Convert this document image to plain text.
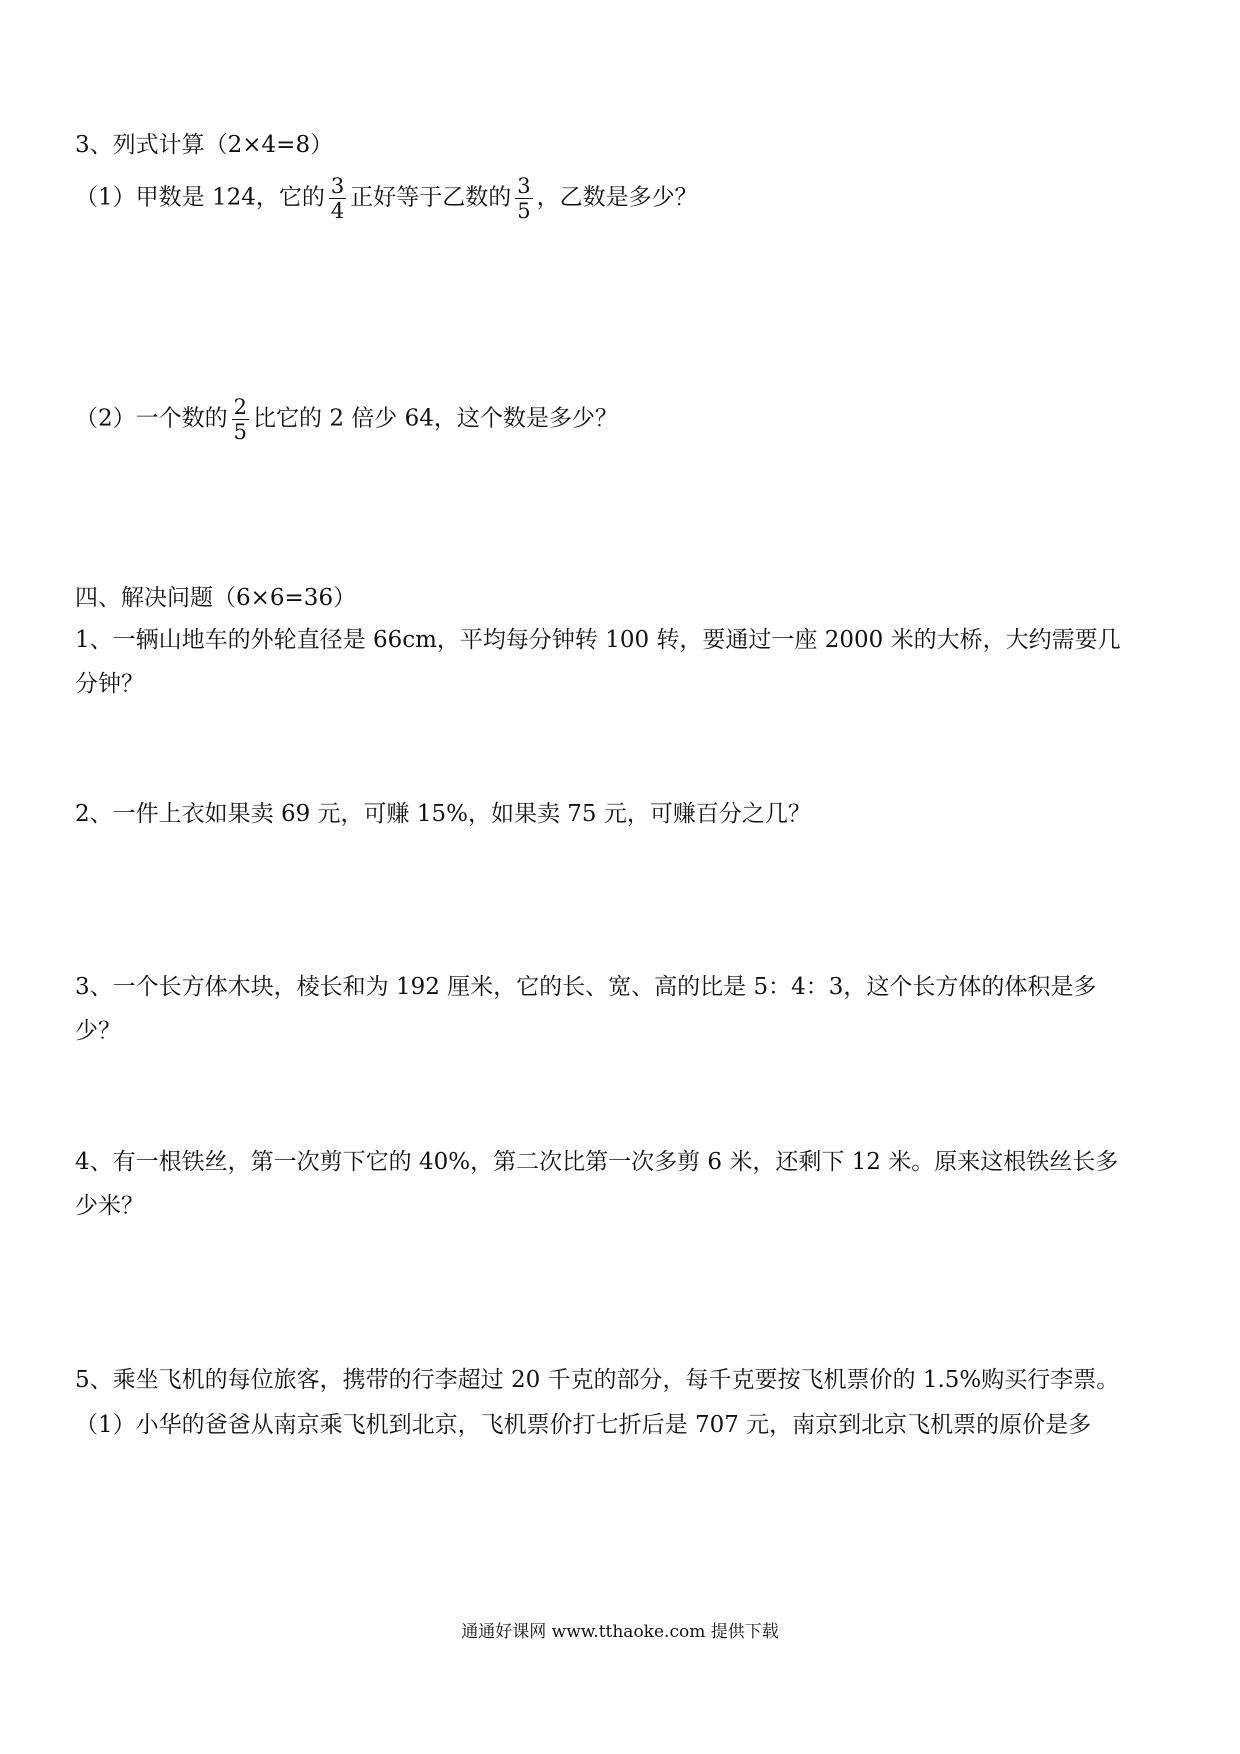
3、列式计算（2×4=8）
（1）甲数是 124，它的 $\frac{3}{4}$ 正好等于乙数的 $\frac{3}{5}$ ，乙数是多少？
（2）一个数的 $\frac{2}{5}$ 比它的 2 倍少 64，这个数是多少？
四、解决问题（6×6=36）
1、一辆山地车的外轮直径是 66cm，平均每分钟转 100 转，要通过一座 2000 米的大桥，大约需要几
分钟？
2、一件上衣如果卖 69 元，可赚 15%，如果卖 75 元，可赚百分之几？
3、一个长方体木块，棱长和为 192 厘米，它的长、宽、高的比是 5：4：3，这个长方体的体积是多
少？
4、有一根铁丝，第一次剪下它的 40%，第二次比第一次多剪 6 米，还剩下 12 米。原来这根铁丝长多
少米？
5、乘坐飞机的每位旅客，携带的行李超过 20 千克的部分，每千克要按飞机票价的 1.5%购买行李票。
（1）小华的爸爸从南京乘飞机到北京，飞机票价打七折后是 707 元，南京到北京飞机票的原价是多
通通好课网 www.tthaoke.com 提供下载
